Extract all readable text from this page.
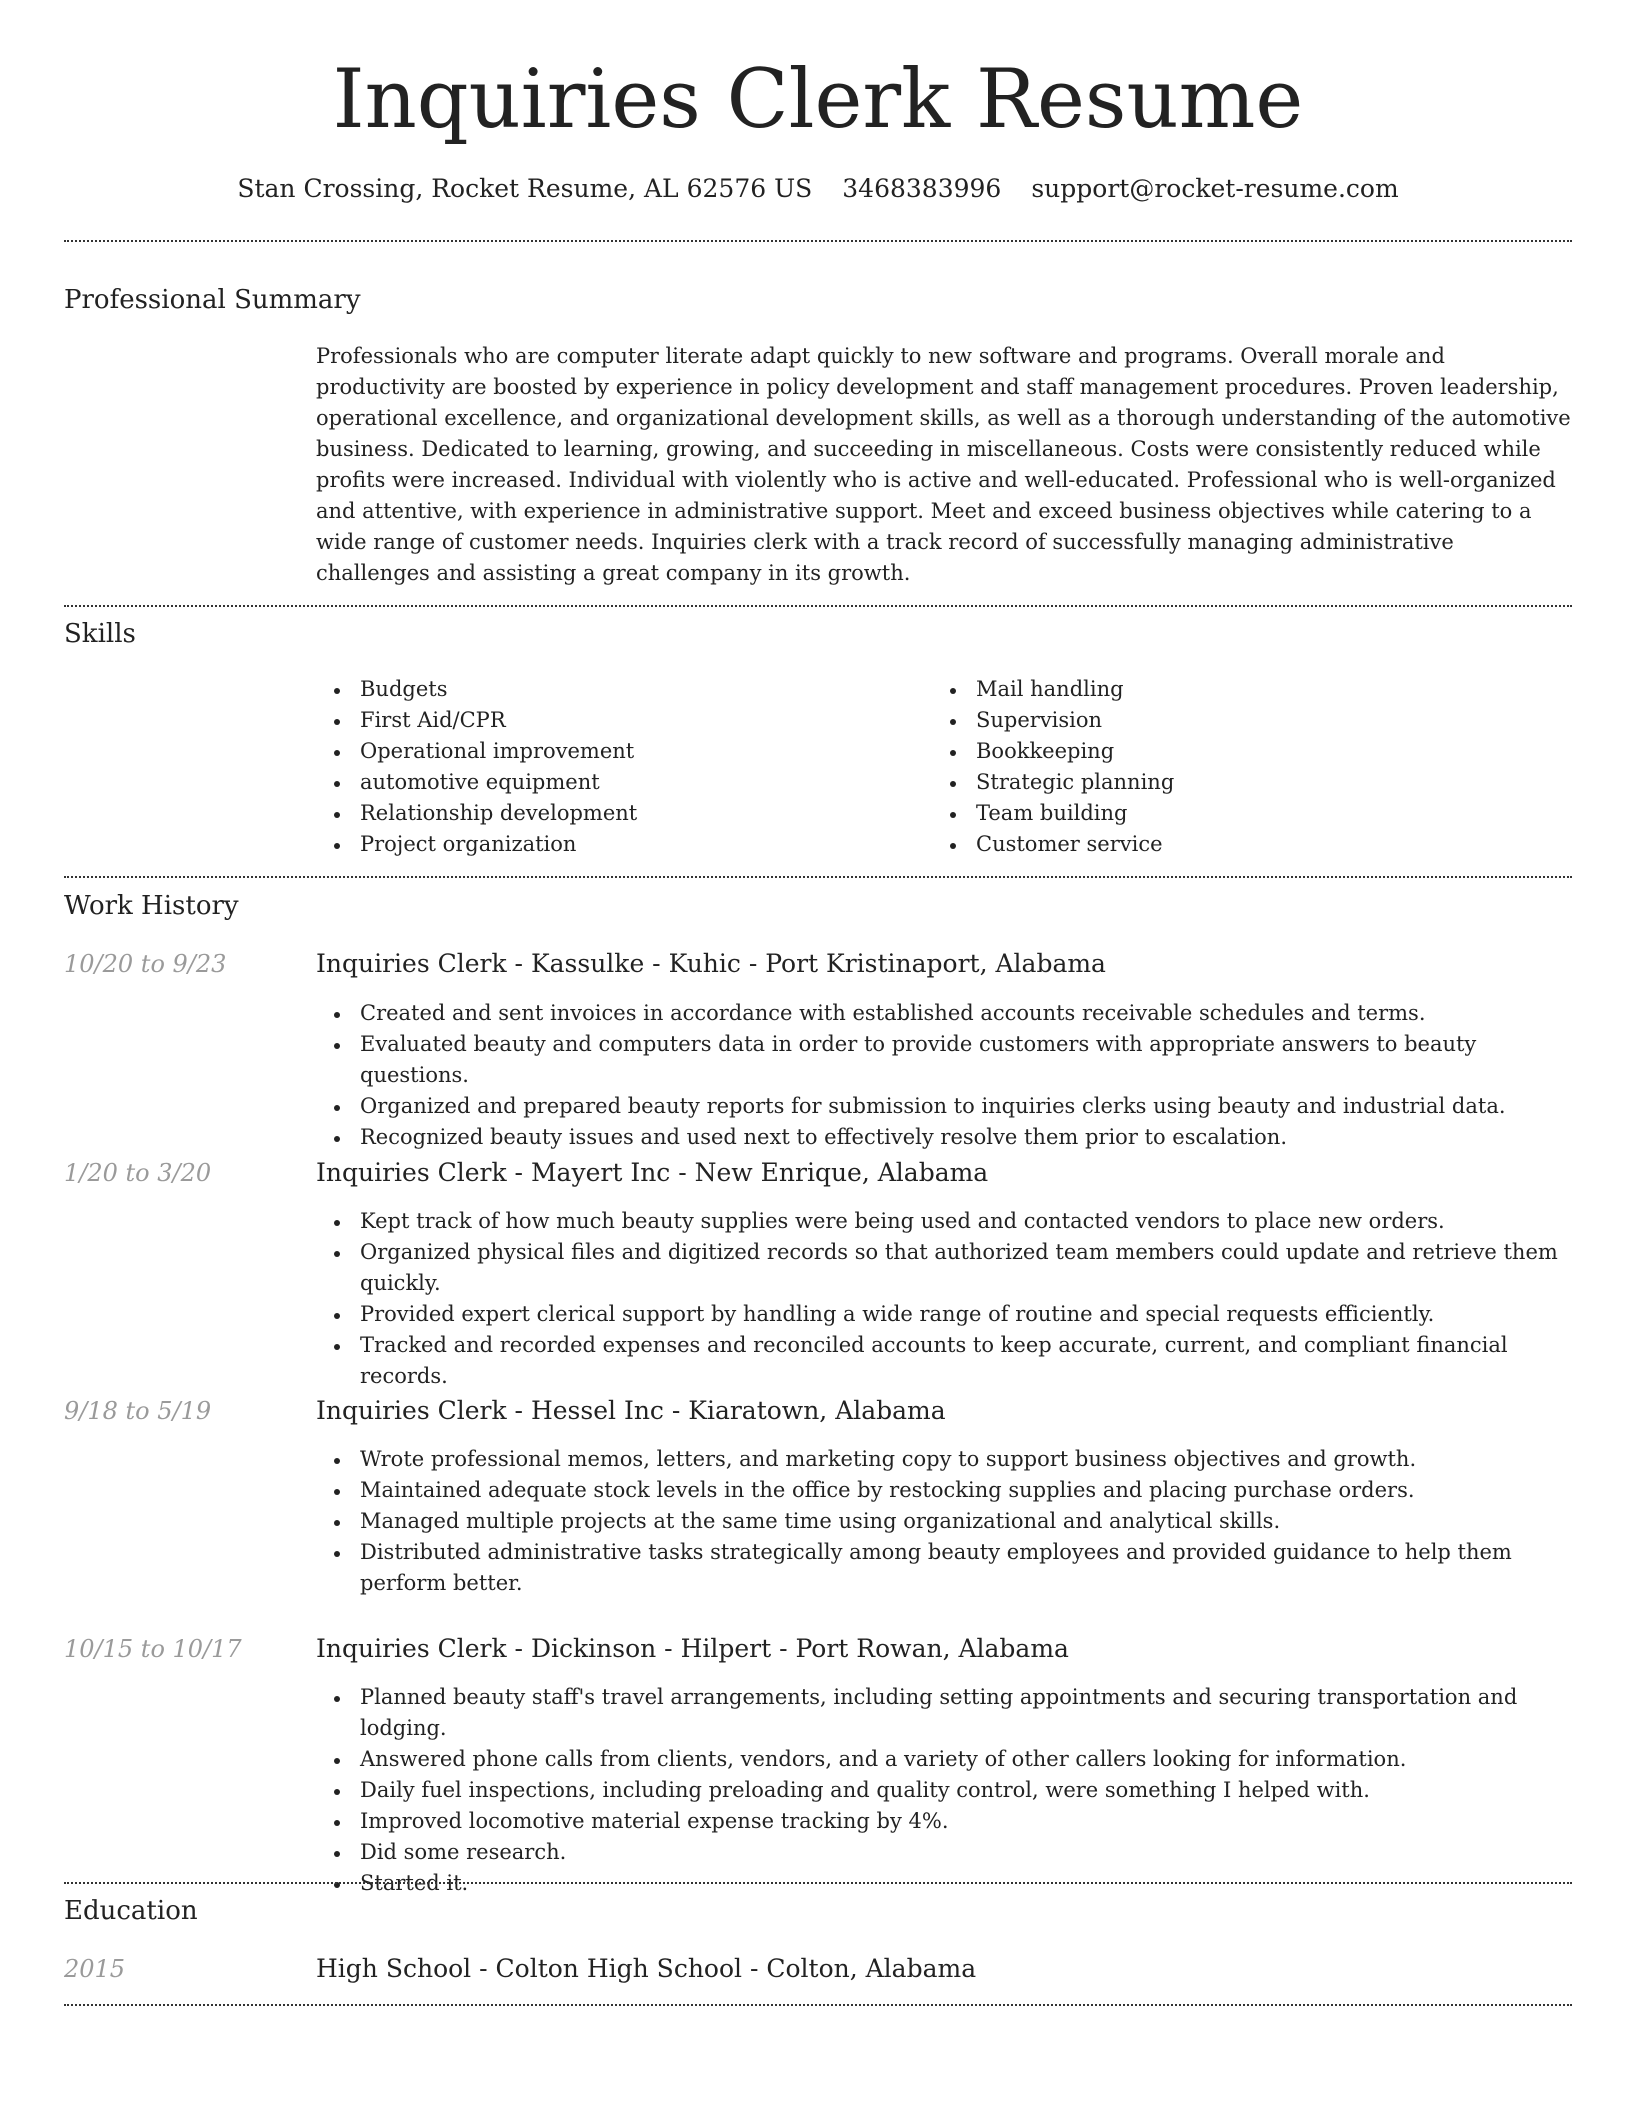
Inquiries Clerk Resume
Stan Crossing, Rocket Resume, AL 62576 US 3468383996 support@rocket-resume.com
Professional Summary

Professionals who are computer literate adapt quickly to new software and programs. Overall morale and productivity are boosted by experience in policy development and staff management procedures. Proven leadership, operational excellence, and organizational development skills, as well as a thorough understanding of the automotive business. Dedicated to learning, growing, and succeeding in miscellaneous. Costs were consistently reduced while profits were increased. Individual with violently who is active and well-educated. Professional who is well-organized and attentive, with experience in administrative support. Meet and exceed business objectives while catering to a wide range of customer needs. Inquiries clerk with a track record of successfully managing administrative challenges and assisting a great company in its growth.

Skills
Budgets
First Aid/CPR
Operational improvement
automotive equipment
Relationship development
Project organization
Mail handling
Supervision
Bookkeeping
Strategic planning
Team building
Customer service
Work History
10/20 to 9/23	Inquiries Clerk - Kassulke - Kuhic - Port Kristinaport, Alabama
Created and sent invoices in accordance with established accounts receivable schedules and terms.
Evaluated beauty and computers data in order to provide customers with appropriate answers to beauty questions.
Organized and prepared beauty reports for submission to inquiries clerks using beauty and industrial data.
Recognized beauty issues and used next to effectively resolve them prior to escalation.
1/20 to 3/20	Inquiries Clerk - Mayert Inc - New Enrique, Alabama
Kept track of how much beauty supplies were being used and contacted vendors to place new orders.
Organized physical files and digitized records so that authorized team members could update and retrieve them quickly.
Provided expert clerical support by handling a wide range of routine and special requests efficiently.
Tracked and recorded expenses and reconciled accounts to keep accurate, current, and compliant financial records.
9/18 to 5/19	Inquiries Clerk - Hessel Inc - Kiaratown, Alabama
Wrote professional memos, letters, and marketing copy to support business objectives and growth.
Maintained adequate stock levels in the office by restocking supplies and placing purchase orders.
Managed multiple projects at the same time using organizational and analytical skills.
Distributed administrative tasks strategically among beauty employees and provided guidance to help them perform better.
10/15 to 10/17	Inquiries Clerk - Dickinson - Hilpert - Port Rowan, Alabama
Planned beauty staff's travel arrangements, including setting appointments and securing transportation and lodging.
Answered phone calls from clients, vendors, and a variety of other callers looking for information.
Daily fuel inspections, including preloading and quality control, were something I helped with.
Improved locomotive material expense tracking by 4%.
Did some research.
Started it.
Education
2015	High School - Colton High School - Colton, Alabama
